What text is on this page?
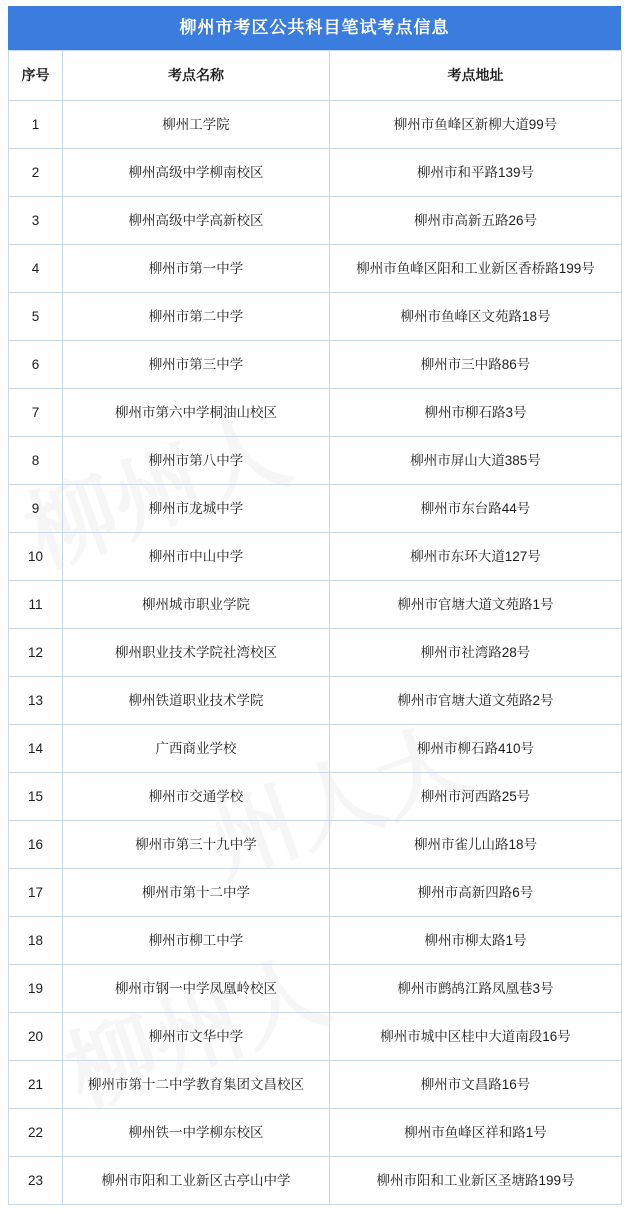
柳州市考区公共科目笔试考点信息
序号	考点名称	考点地址
1	柳州工学院	柳州市鱼峰区新柳大道99号
2	柳州高级中学柳南校区	柳州市和平路139号
3	柳州高级中学高新校区	柳州市高新五路26号
4	柳州市第一中学	柳州市鱼峰区阳和工业新区香桥路199号
5	柳州市第二中学	柳州市鱼峰区文苑路18号
6	柳州市第三中学	柳州市三中路86号
7	柳州市第六中学桐油山校区	柳州市柳石路3号
8	柳州市第八中学	柳州市屏山大道385号
9	柳州市龙城中学	柳州市东台路44号
10	柳州市中山中学	柳州市东环大道127号
11	柳州城市职业学院	柳州市官塘大道文苑路1号
12	柳州职业技术学院社湾校区	柳州市社湾路28号
13	柳州铁道职业技术学院	柳州市官塘大道文苑路2号
14	广西商业学校	柳州市柳石路410号
15	柳州市交通学校	柳州市河西路25号
16	柳州市第三十九中学	柳州市雀儿山路18号
17	柳州市第十二中学	柳州市高新四路6号
18	柳州市柳工中学	柳州市柳太路1号
19	柳州市钢一中学凤凰岭校区	柳州市鹧鸪江路凤凰巷3号
20	柳州市文华中学	柳州市城中区桂中大道南段16号
21	柳州市第十二中学教育集团文昌校区	柳州市文昌路16号
22	柳州铁一中学柳东校区	柳州市鱼峰区祥和路1号
23	柳州市阳和工业新区古亭山中学	柳州市阳和工业新区圣塘路199号
